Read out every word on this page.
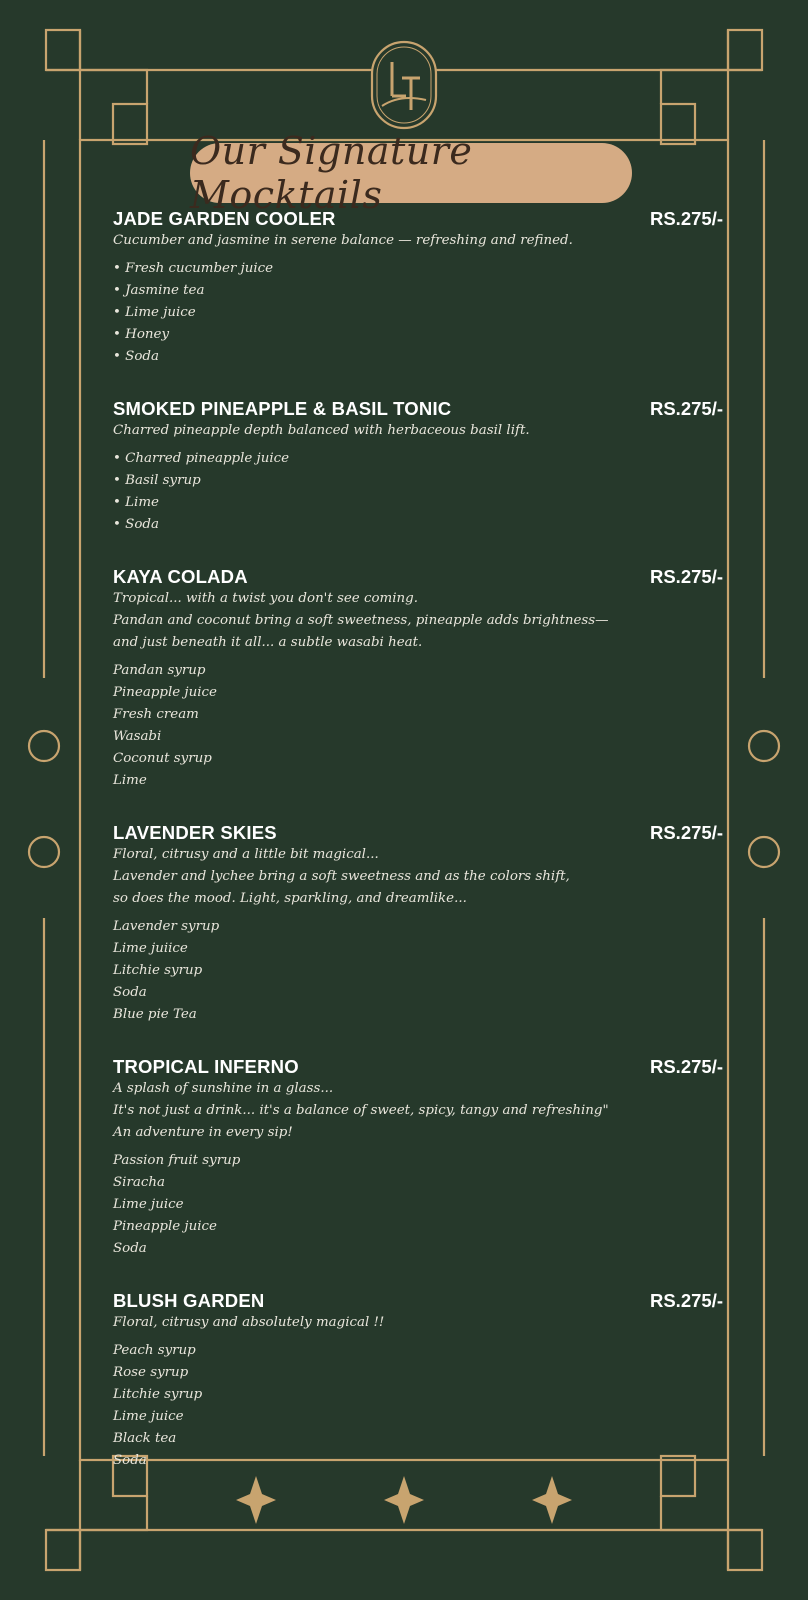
Our Signature Mocktails
JADE GARDEN COOLER	RS.275/-
Cucumber and jasmine in serene balance — refreshing and refined.
• Fresh cucumber juice
• Jasmine tea
• Lime juice
• Honey
• Soda
SMOKED PINEAPPLE & BASIL TONIC	RS.275/-
Charred pineapple depth balanced with herbaceous basil lift.
• Charred pineapple juice
• Basil syrup
• Lime
• Soda
KAYA COLADA	RS.275/-
Tropical... with a twist you don't see coming.
Pandan and coconut bring a soft sweetness, pineapple adds brightness—
and just beneath it all... a subtle wasabi heat.
Pandan syrup
Pineapple juice
Fresh cream
Wasabi
Coconut syrup
Lime
LAVENDER SKIES	RS.275/-
Floral, citrusy and a little bit magical...
Lavender and lychee bring a soft sweetness and as the colors shift,
so does the mood. Light, sparkling, and dreamlike...
Lavender syrup
Lime juiice
Litchie syrup
Soda
Blue pie Tea
TROPICAL INFERNO	RS.275/-
A splash of sunshine in a glass...
It's not just a drink... it's a balance of sweet, spicy, tangy and refreshing"
An adventure in every sip!
Passion fruit syrup
Siracha
Lime juice
Pineapple juice
Soda
BLUSH GARDEN	RS.275/-
Floral, citrusy and absolutely magical !!
Peach syrup
Rose syrup
Litchie syrup
Lime juice
Black tea
Soda
